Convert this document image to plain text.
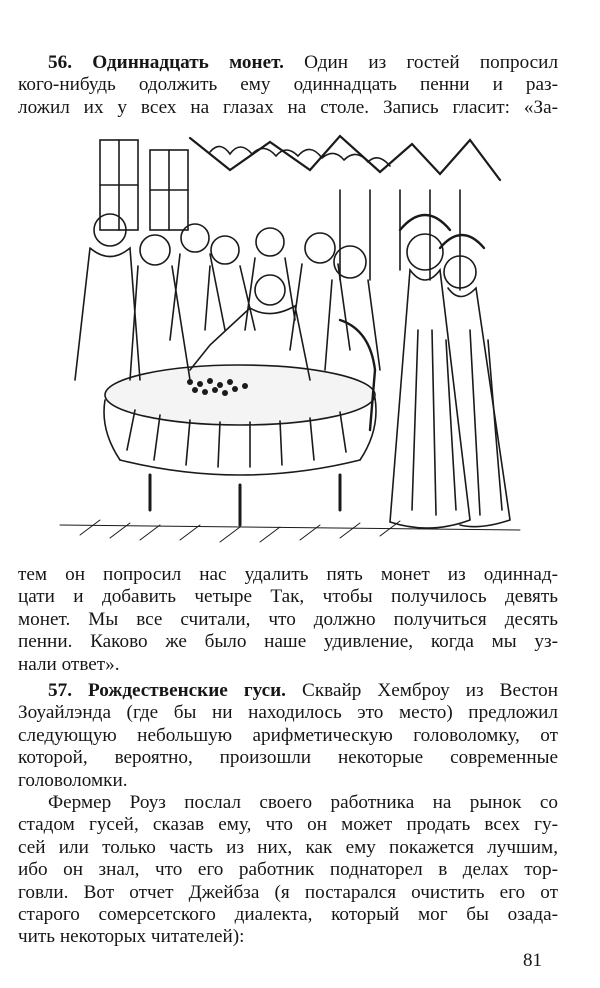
56. Одиннадцать монет. Один из гостей попросил
кого-нибудь одолжить ему одиннадцать пенни и раз-
ложил их у всех на глазах на столе. Запись гласит: «За-
тем он попросил нас удалить пять монет из одиннад-
цати и добавить четыре Так, чтобы получилось девять
монет. Мы все считали, что должно получиться десять
пенни. Каково же было наше удивление, когда мы уз-
нали ответ».
57. Рождественские гуси. Сквайр Хемброу из Вестон
Зоуайлэнда (где бы ни находилось это место) предложил
следующую небольшую арифметическую головоломку, от
которой, вероятно, произошли некоторые современные
головоломки.
Фермер Роуз послал своего работника на рынок со
стадом гусей, сказав ему, что он может продать всех гу-
сей или только часть из них, как ему покажется лучшим,
ибо он знал, что его работник поднаторел в делах тор-
говли. Вот отчет Джейбза (я постарался очистить его от
старого сомерсетского диалекта, который мог бы озада-
чить некоторых читателей):
81
